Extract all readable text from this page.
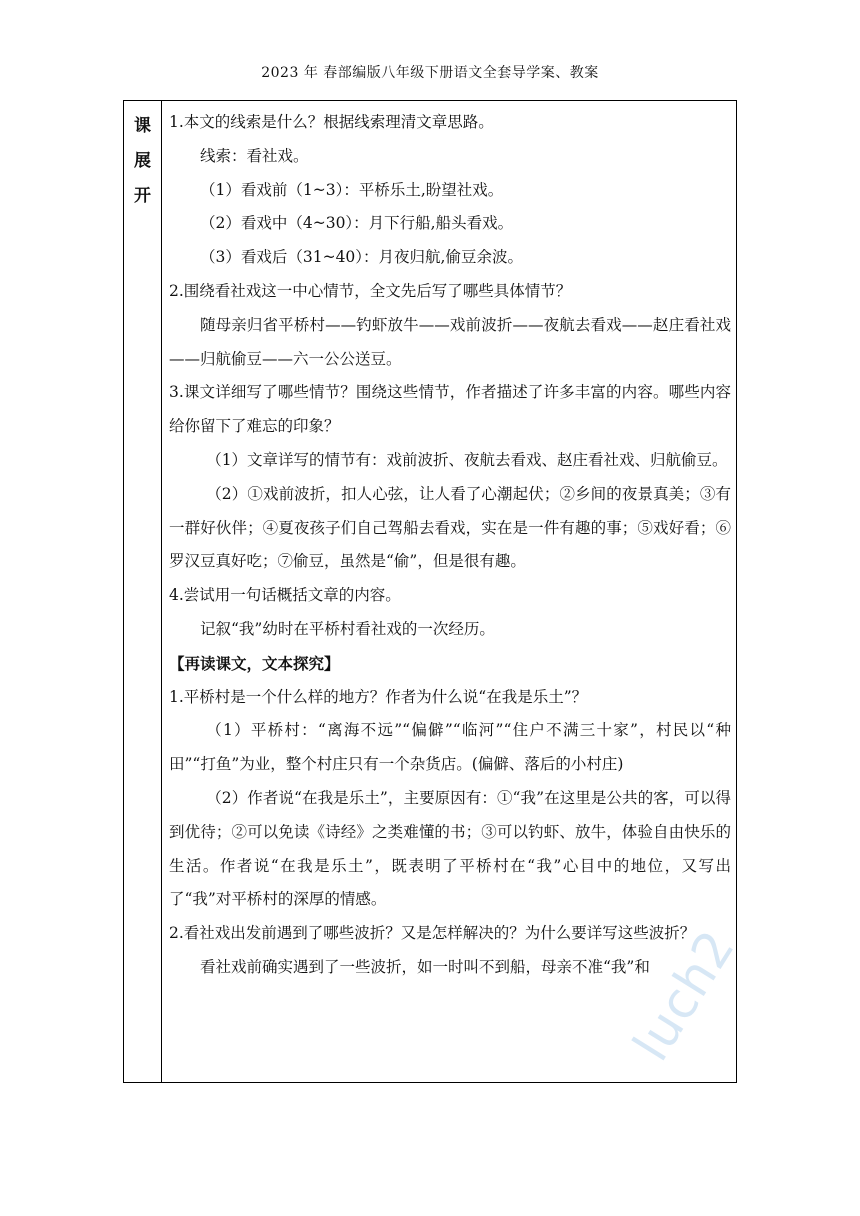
2023 年 春部编版八年级下册语文全套导学案、教案
课
展
开

1.本文的线索是什么？根据线索理清文章思路。

线索：看社戏。

（1）看戏前（1~3）：平桥乐土,盼望社戏。

（2）看戏中（4~30）：月下行船,船头看戏。

（3）看戏后（31~40）：月夜归航,偷豆余波。

2.围绕看社戏这一中心情节，全文先后写了哪些具体情节？

随母亲归省平桥村——钓虾放牛——戏前波折——夜航去看戏——赵庄看社戏——归航偷豆——六一公公送豆。

3.课文详细写了哪些情节？围绕这些情节，作者描述了许多丰富的内容。哪些内容给你留下了难忘的印象？

（1）文章详写的情节有：戏前波折、夜航去看戏、赵庄看社戏、归航偷豆。

（2）①戏前波折，扣人心弦，让人看了心潮起伏；②乡间的夜景真美；③有一群好伙伴；④夏夜孩子们自己驾船去看戏，实在是一件有趣的事；⑤戏好看；⑥罗汉豆真好吃；⑦偷豆，虽然是“偷”，但是很有趣。

4.尝试用一句话概括文章的内容。

记叙“我”幼时在平桥村看社戏的一次经历。

【再读课文，文本探究】

1.平桥村是一个什么样的地方？作者为什么说“在我是乐土”？

（1）平桥村：“离海不远”“偏僻”“临河”“住户不满三十家”，村民以“种田”“打鱼”为业，整个村庄只有一个杂货店。(偏僻、落后的小村庄)

（2）作者说“在我是乐土”，主要原因有：①“我”在这里是公共的客，可以得到优待；②可以免读《诗经》之类难懂的书；③可以钓虾、放牛，体验自由快乐的生活。作者说“在我是乐土”，既表明了平桥村在“我”心目中的地位，又写出了“我”对平桥村的深厚的情感。

2.看社戏出发前遇到了哪些波折？又是怎样解决的？为什么要详写这些波折？

看社戏前确实遇到了一些波折，如一时叫不到船，母亲不准“我”和

luch2
